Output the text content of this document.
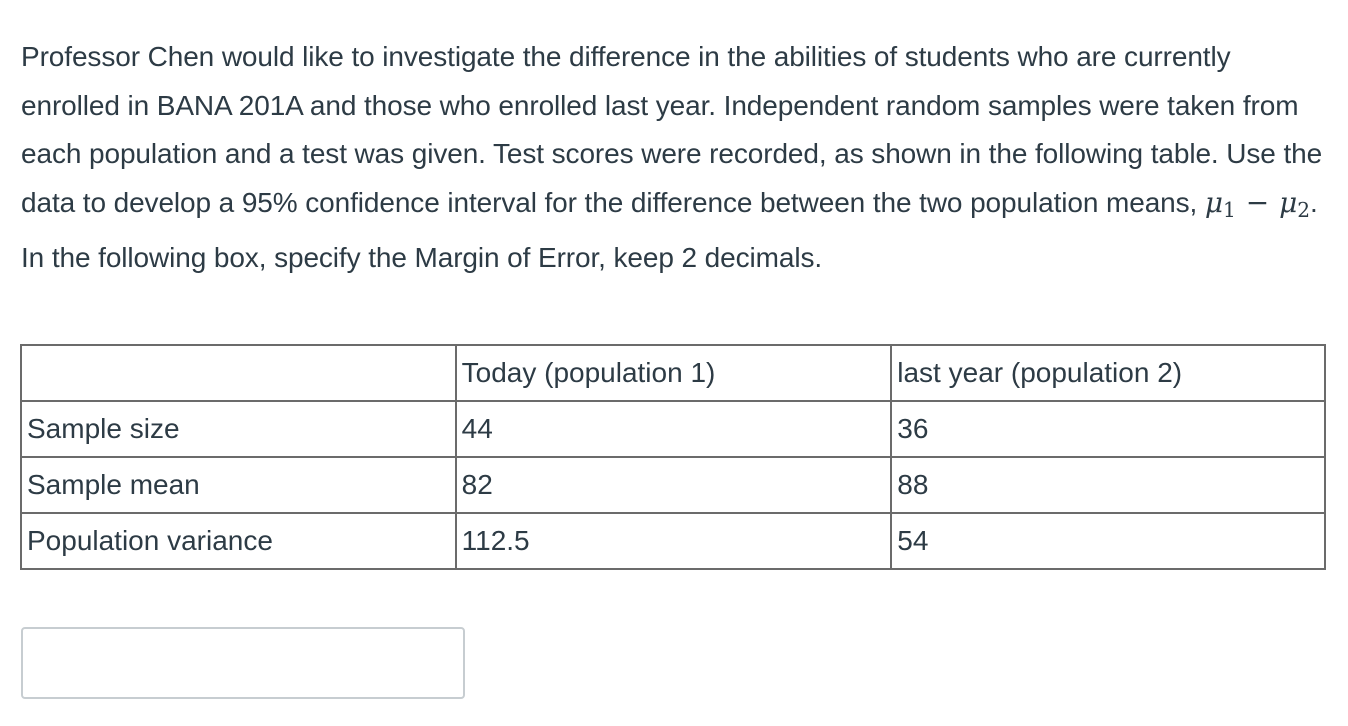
Professor Chen would like to investigate the difference in the abilities of students who are currently enrolled in BANA 201A and those who enrolled last year. Independent random samples were taken from each population and a test was given. Test scores were recorded, as shown in the following table. Use the data to develop a 95% confidence interval for the difference between the two population means, $\mu_1 - \mu_2$. In the following box, specify the Margin of Error, keep 2 decimals.

	Today (population 1)	last year (population 2)
Sample size	44	36
Sample mean	82	88
Population variance	112.5	54
